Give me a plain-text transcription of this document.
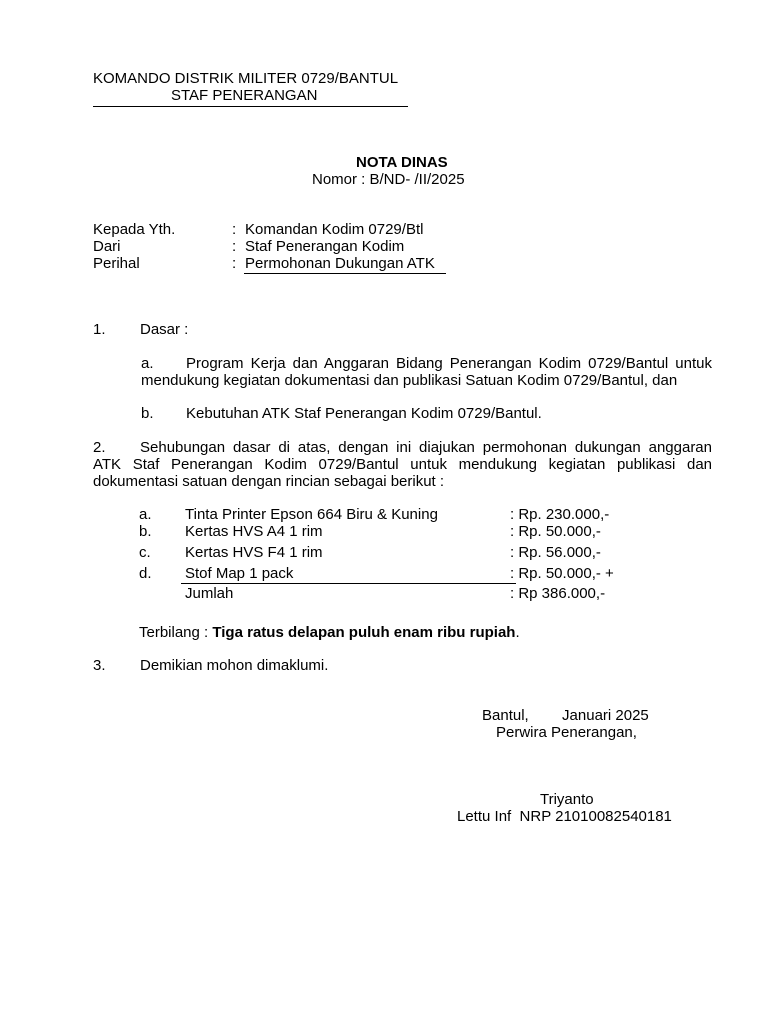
KOMANDO DISTRIK MILITER 0729/BANTUL
STAF PENERANGAN
NOTA DINAS
Nomor : B/ND- /II/2025
Kepada Yth.	: Komandan Kodim 0729/Btl
Dari	: Staf Penerangan Kodim
Perihal	: Permohonan Dukungan ATK
1. Dasar :
a. Program Kerja dan Anggaran Bidang Penerangan Kodim 0729/Bantul untuk
mendukung kegiatan dokumentasi dan publikasi Satuan Kodim 0729/Bantul, dan
b. Kebutuhan ATK Staf Penerangan Kodim 0729/Bantul.
2. Sehubungan dasar di atas, dengan ini diajukan permohonan dukungan anggaran
ATK Staf Penerangan Kodim 0729/Bantul untuk mendukung kegiatan publikasi dan
dokumentasi satuan dengan rincian sebagai berikut :
a. Tinta Printer Epson 664 Biru & Kuning	: Rp. 230.000,-
b. Kertas HVS A4 1 rim	: Rp. 50.000,-
c. Kertas HVS F4 1 rim	: Rp. 56.000,-
d. Stof Map 1 pack	: Rp. 50.000,- +
Jumlah	: Rp 386.000,-
Terbilang : Tiga ratus delapan puluh enam ribu rupiah.
3. Demikian mohon dimaklumi.
Bantul,        Januari 2025
Perwira Penerangan,
Triyanto
Lettu Inf  NRP 21010082540181
